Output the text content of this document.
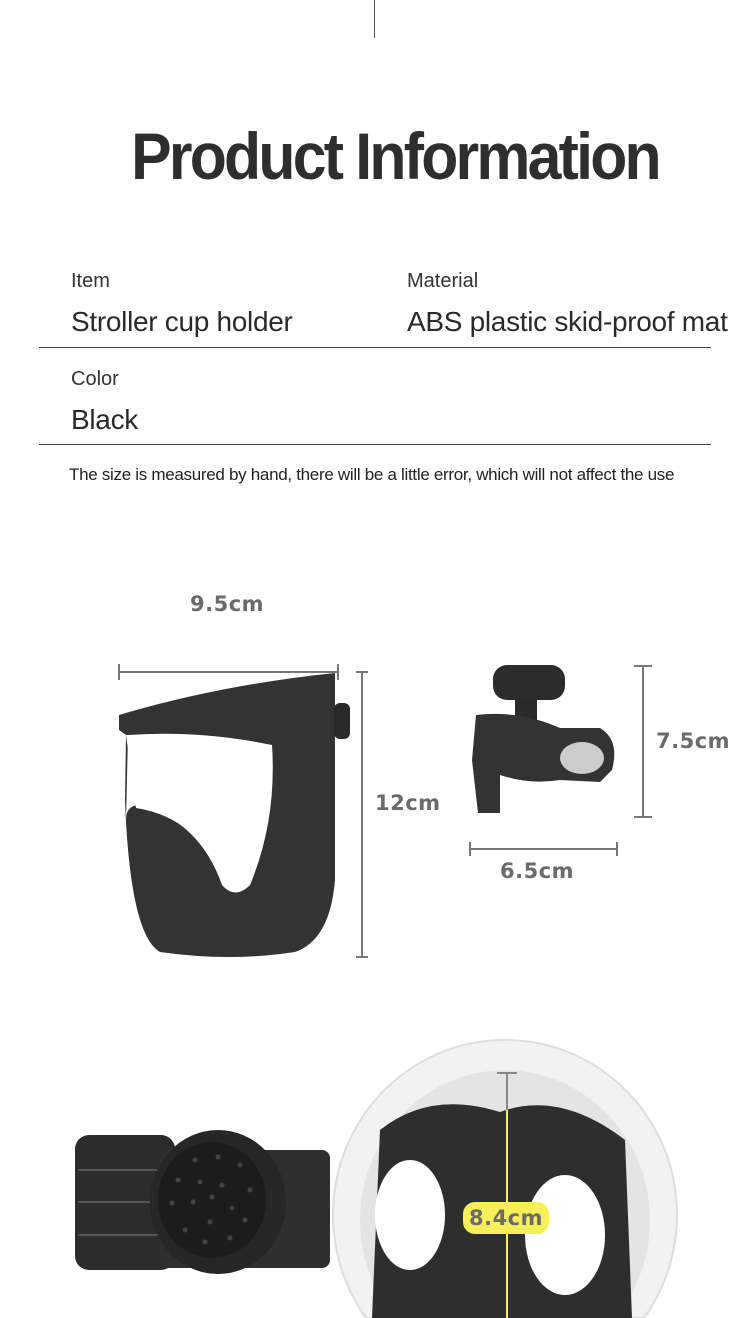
Product Information
Item
Stroller cup holder
Material
ABS plastic skid-proof mat
Color
Black
The size is measured by hand, there will be a little error, which will not affect the use
9.5cm
12cm
7.5cm
6.5cm
8.4cm
